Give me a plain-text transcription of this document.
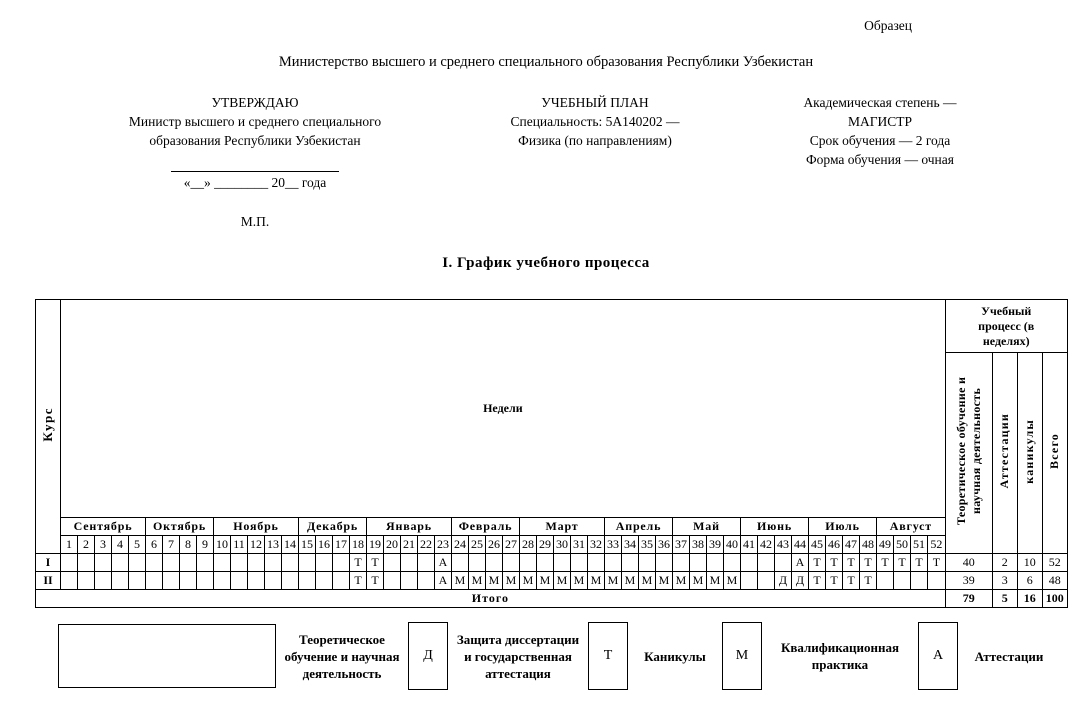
Образец
Министерство высшего и среднего специального образования Республики Узбекистан
УТВЕРЖДАЮ
Министр высшего и среднего специального
образования Республики Узбекистан
«__» ________ 20__ года
М.П.
УЧЕБНЫЙ ПЛАН
Специальность: 5А140202 —
Физика (по направлениям)
Академическая степень —
МАГИСТР
Срок обучения — 2 года
Форма обучения — очная
I. График учебного процесса
Курс	Недели																																																				Учебный процесс (в неделях)			

																																																					Теоретическое обучение и научная деятельность	Аттестации	каникулы	Всего
	Сентябрь					Октябрь				Ноябрь					Декабрь				Январь					Февраль				Март					Апрель				Май				Июнь				Июль				Август							
	1	2	3	4	5	6	7	8	9	10	11	12	13	14	15	16	17	18	19	20	21	22	23	24	25	26	27	28	29	30	31	32	33	34	35	36	37	38	39	40	41	42	43	44	45	46	47	48	49	50	51	52				
I																		Т	Т				А																					А	Т	Т	Т	Т	Т	Т	Т	Т	40	2	10	52
II																		Т	Т				А	М	М	М	М	М	М	М	М	М	М	М	М	М	М	М	М	М			Д	Д	Т	Т	Т	Т					39	3	6	48
Итого																																																					79	5	16	100
Теоретическое обучение и научная деятельность
Д
Защита диссертации и государственная аттестация
Т	Каникулы	М
Квалификационная практика
А	Аттестации
